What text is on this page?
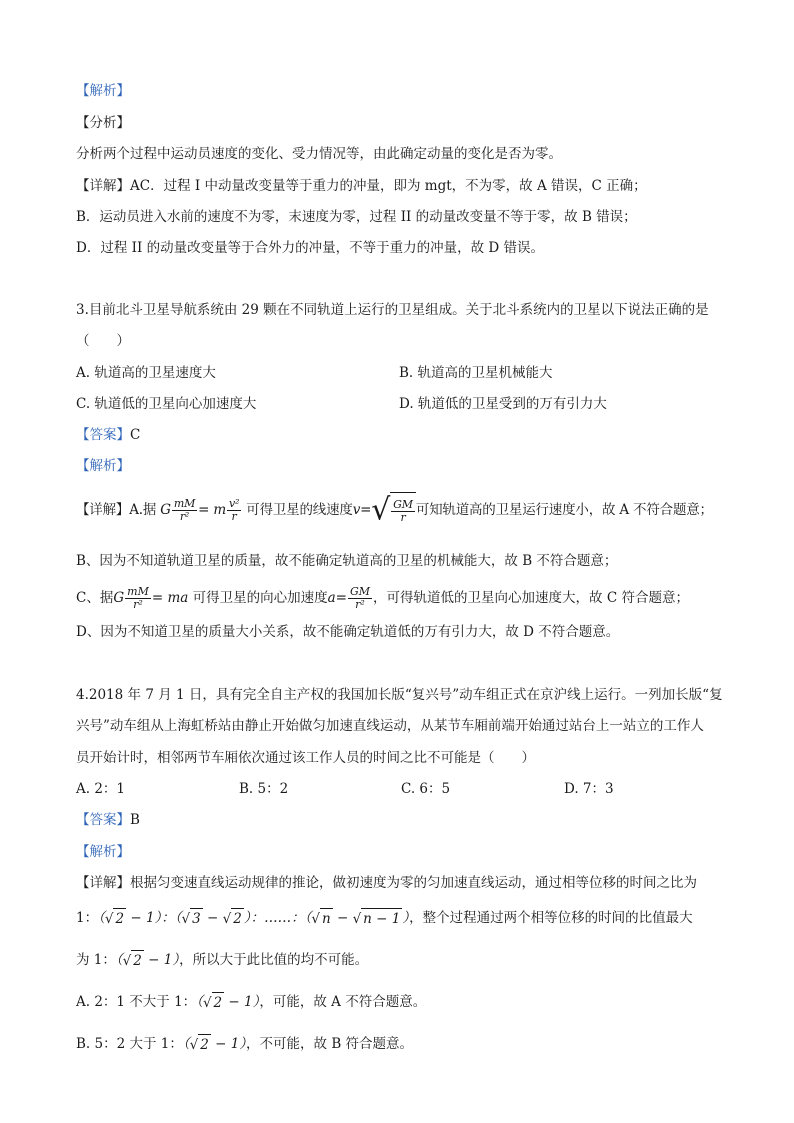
【解析】
【分析】
分析两个过程中运动员速度的变化、受力情况等，由此确定动量的变化是否为零。
【详解】AC．过程 I 中动量改变量等于重力的冲量，即为 mgt，不为零，故 A 错误，C 正确；
B．运动员进入水前的速度不为零，末速度为零，过程 II 的动量改变量不等于零，故 B 错误；
D．过程 II 的动量改变量等于合外力的冲量，不等于重力的冲量，故 D 错误。
3.目前北斗卫星导航系统由 29 颗在不同轨道上运行的卫星组成。关于北斗系统内的卫星以下说法正确的是
（　　）
A. 轨道高的卫星速度大	B. 轨道高的卫星机械能大
C. 轨道低的卫星向心加速度大	D. 轨道低的卫星受到的万有引力大
【答案】C
【解析】
【详解】A.据 G $\frac{mM}{\text{r²}} = m \frac{\text{v²}}{r}$ 可得卫星的线速度$v=√ \frac{GM}{r}$ 可知轨道高的卫星运行速度小，故 A 不符合题意；
B、因为不知道轨道卫星的质量，故不能确定轨道高的卫星的机械能大，故 B 不符合题意；
C、据G $\frac{mM}{\text{r²}}$ = ma 可得卫星的向心加速度$a= \frac{GM}{\text{r²}}$ ，可得轨道低的卫星向心加速度大，故 C 符合题意；
D、因为不知道卫星的质量大小关系，故不能确定轨道低的万有引力大，故 D 不符合题意。
4.2018 年 7 月 1 日，具有完全自主产权的我国加长版“复兴号”动车组正式在京沪线上运行。一列加长版“复
兴号”动车组从上海虹桥站由静止开始做匀加速直线运动，从某节车厢前端开始通过站台上一站立的工作人
员开始计时，相邻两节车厢依次通过该工作人员的时间之比不可能是（　　）
A. 2：1	B. 5：2	C. 6：5	D. 7：3
【答案】B
【解析】
【详解】根据匀变速直线运动规律的推论，做初速度为零的匀加速直线运动，通过相等位移的时间之比为
1：（√ 2 − 1）：（√ 3 − √ 2 ）：……：（√ n − √ n − 1 ），整个过程通过两个相等位移的时间的比值最大
为 1：（√ 2 − 1），所以大于此比值的均不可能。
A. 2：1 不大于 1：（√ 2 − 1），可能，故 A 不符合题意。
B. 5：2 大于 1：（√ 2 − 1），不可能，故 B 符合题意。
